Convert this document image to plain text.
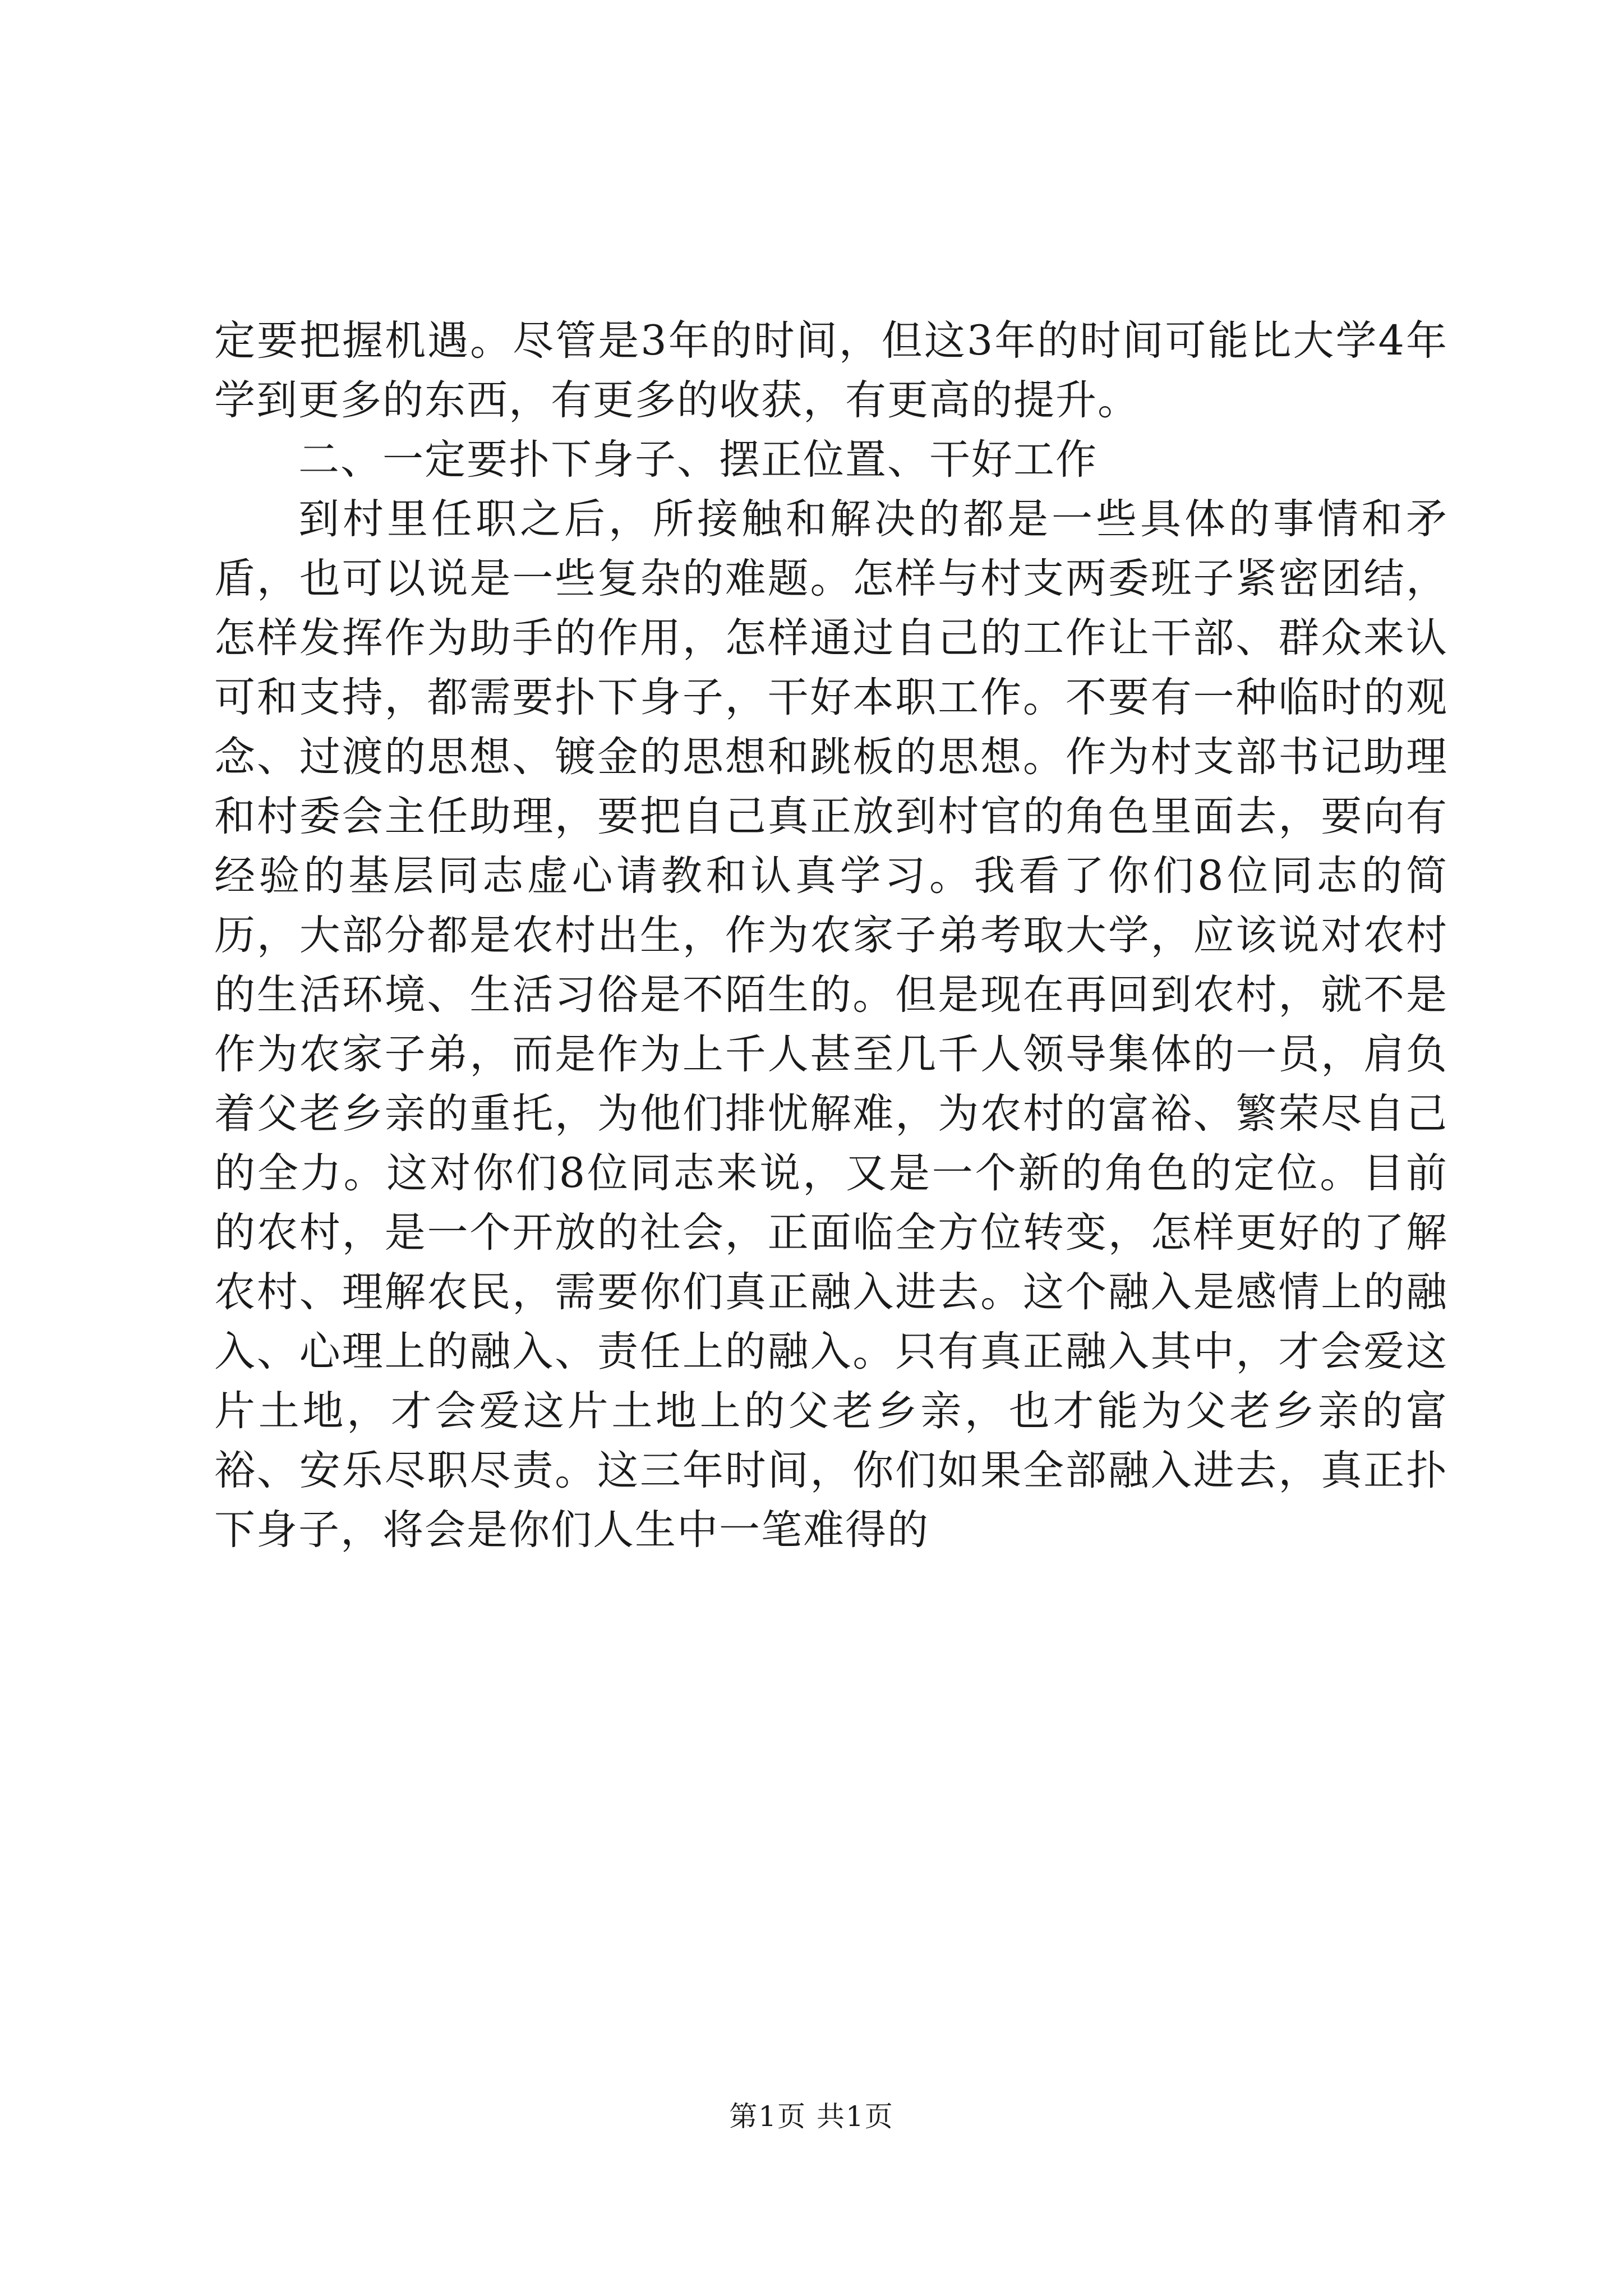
定要把握机遇。尽管是3年的时间，但这3年的时间可能比大学4年学到更多的东西，有更多的收获，有更高的提升。

二、一定要扑下身子、摆正位置、干好工作

到村里任职之后，所接触和解决的都是一些具体的事情和矛盾，也可以说是一些复杂的难题。怎样与村支两委班子紧密团结，怎样发挥作为助手的作用，怎样通过自己的工作让干部、群众来认可和支持，都需要扑下身子，干好本职工作。不要有一种临时的观念、过渡的思想、镀金的思想和跳板的思想。作为村支部书记助理和村委会主任助理，要把自己真正放到村官的角色里面去，要向有经验的基层同志虚心请教和认真学习。我看了你们8位同志的简历，大部分都是农村出生，作为农家子弟考取大学，应该说对农村的生活环境、生活习俗是不陌生的。但是现在再回到农村，就不是作为农家子弟，而是作为上千人甚至几千人领导集体的一员，肩负着父老乡亲的重托，为他们排忧解难，为农村的富裕、繁荣尽自己的全力。这对你们8位同志来说，又是一个新的角色的定位。目前的农村，是一个开放的社会，正面临全方位转变，怎样更好的了解农村、理解农民，需要你们真正融入进去。这个融入是感情上的融入、心理上的融入、责任上的融入。只有真正融入其中，才会爱这片土地，才会爱这片土地上的父老乡亲，也才能为父老乡亲的富裕、安乐尽职尽责。这三年时间，你们如果全部融入进去，真正扑下身子，将会是你们人生中一笔难得的

第1页 共1页
